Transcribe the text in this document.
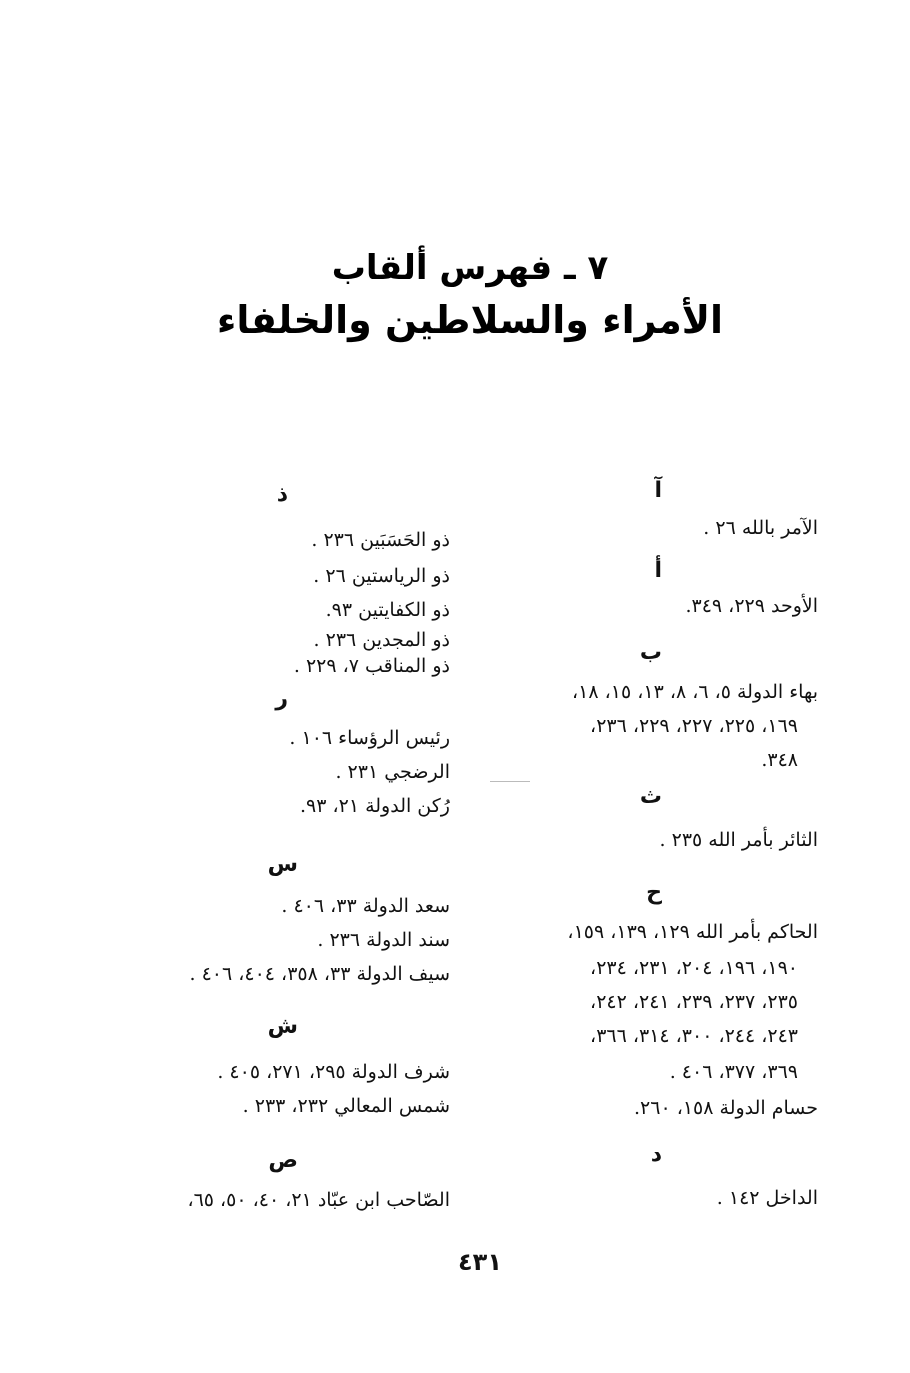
٧ ـ فهرس ألقاب
الأمراء والسلاطين والخلفاء
آ
الآمر بالله ٢٦ .
أ
الأوحد ٢٢٩، ٣٤٩.
ب
بهاء الدولة ٥، ٦، ٨، ١٣، ١٥، ١٨،
١٦٩، ٢٢٥، ٢٢٧، ٢٢٩، ٢٣٦،
٣٤٨.
ث
الثائر بأمر الله ٢٣٥ .
ح
الحاكم بأمر الله ١٢٩، ١٣٩، ١٥٩،
١٩٠، ١٩٦، ٢٠٤، ٢٣١، ٢٣٤،
٢٣٥، ٢٣٧، ٢٣٩، ٢٤١، ٢٤٢،
٢٤٣، ٢٤٤، ٣٠٠، ٣١٤، ٣٦٦،
٣٦٩، ٣٧٧، ٤٠٦ .
حسام الدولة ١٥٨، ٢٦٠.
د
الداخل ١٤٢ .
ذ
ذو الحَسَبَين ٢٣٦ .
ذو الرياستين ٢٦ .
ذو الكفايتين ٩٣.
ذو المجدين ٢٣٦ .
ذو المناقب ٧، ٢٢٩ .
ر
رئيس الرؤساء ١٠٦ .
الرضجي ٢٣١ .
رُكن الدولة ٢١، ٩٣.
س
سعد الدولة ٣٣، ٤٠٦ .
سند الدولة ٢٣٦ .
سيف الدولة ٣٣، ٣٥٨، ٤٠٤، ٤٠٦ .
ش
شرف الدولة ٢٩٥، ٢٧١، ٤٠٥ .
شمس المعالي ٢٣٢، ٢٣٣ .
ص
الصّاحب ابن عبّاد ٢١، ٤٠، ٥٠، ٦٥،
٤٣١
